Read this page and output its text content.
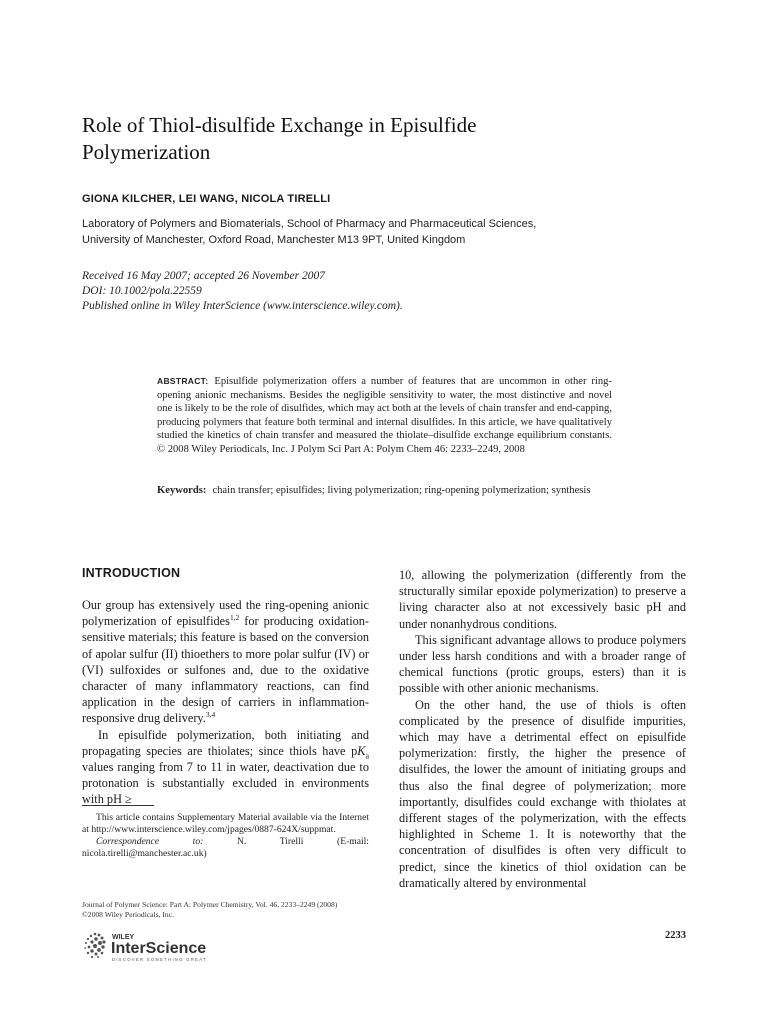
Role of Thiol-disulfide Exchange in Episulfide Polymerization
GIONA KILCHER, LEI WANG, NICOLA TIRELLI
Laboratory of Polymers and Biomaterials, School of Pharmacy and Pharmaceutical Sciences,
University of Manchester, Oxford Road, Manchester M13 9PT, United Kingdom
Received 16 May 2007; accepted 26 November 2007
DOI: 10.1002/pola.22559
Published online in Wiley InterScience (www.interscience.wiley.com).
ABSTRACT: Episulfide polymerization offers a number of features that are uncommon in other ring-opening anionic mechanisms. Besides the negligible sensitivity to water, the most distinctive and novel one is likely to be the role of disulfides, which may act both at the levels of chain transfer and end-capping, producing polymers that feature both terminal and internal disulfides. In this article, we have qualitatively studied the kinetics of chain transfer and measured the thiolate–disulfide exchange equilibrium constants. © 2008 Wiley Periodicals, Inc. J Polym Sci Part A: Polym Chem 46: 2233–2249, 2008
Keywords: chain transfer; episulfides; living polymerization; ring-opening polymerization; synthesis
INTRODUCTION

Our group has extensively used the ring-opening anionic polymerization of episulfides$^{1,2}$ for producing oxidation-sensitive materials; this feature is based on the conversion of apolar sulfur (II) thioethers to more polar sulfur (IV) or (VI) sulfoxides or sulfones and, due to the oxidative character of many inflammatory reactions, can find application in the design of carriers in inflammation-responsive drug delivery.$^{3,4}$

In episulfide polymerization, both initiating and propagating species are thiolates; since thiols have $pK_a$ values ranging from 7 to 11 in water, deactivation due to protonation is substantially excluded in environments with pH ≥

10, allowing the polymerization (differently from the structurally similar epoxide polymerization) to preserve a living character also at not excessively basic pH and under nonanhydrous conditions.

This significant advantage allows to produce polymers under less harsh conditions and with a broader range of chemical functions (protic groups, esters) than it is possible with other anionic mechanisms.

On the other hand, the use of thiols is often complicated by the presence of disulfide impurities, which may have a detrimental effect on episulfide polymerization: firstly, the higher the presence of disulfides, the lower the amount of initiating groups and thus also the final degree of polymerization; more importantly, disulfides could exchange with thiolates at different stages of the polymerization, with the effects highlighted in Scheme 1. It is noteworthy that the concentration of disulfides is often very difficult to predict, since the kinetics of thiol oxidation can be dramatically altered by environmental

This article contains Supplementary Material available via the Internet at http://www.interscience.wiley.com/jpages/0887-624X/suppmat.

Correspondence to:	N. Tirelli (E-mail: nicola.tirelli@manchester.ac.uk)

Journal of Polymer Science: Part A: Polymer Chemistry, Vol. 46, 2233–2249 (2008)
©2008 Wiley Periodicals, Inc.
WILEY
InterScience
DISCOVER SOMETHING GREAT
2233
